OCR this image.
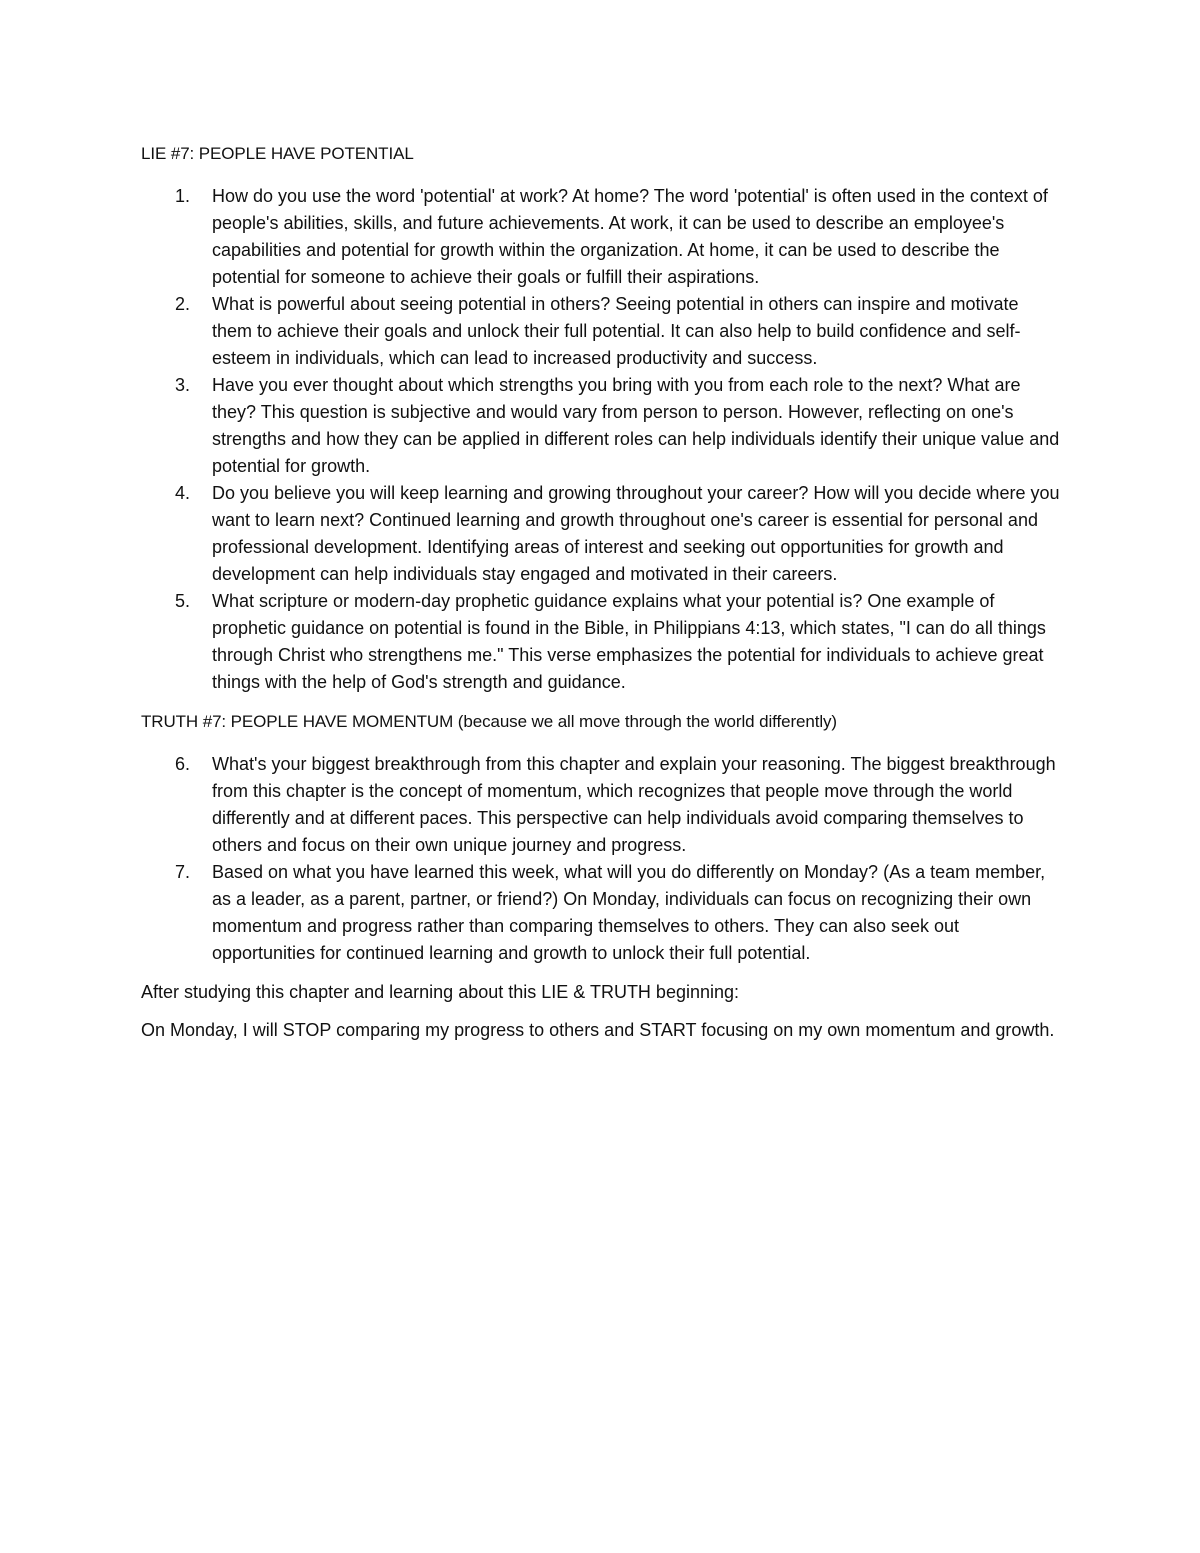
LIE #7: PEOPLE HAVE POTENTIAL
1.	How do you use the word 'potential' at work? At home? The word 'potential' is often used in the context of people's abilities, skills, and future achievements. At work, it can be used to describe an employee's capabilities and potential for growth within the organization. At home, it can be used to describe the potential for someone to achieve their goals or fulfill their aspirations.
2.	What is powerful about seeing potential in others? Seeing potential in others can inspire and motivate them to achieve their goals and unlock their full potential. It can also help to build confidence and self-esteem in individuals, which can lead to increased productivity and success.
3.	Have you ever thought about which strengths you bring with you from each role to the next? What are they? This question is subjective and would vary from person to person. However, reflecting on one's strengths and how they can be applied in different roles can help individuals identify their unique value and potential for growth.
4.	Do you believe you will keep learning and growing throughout your career? How will you decide where you want to learn next? Continued learning and growth throughout one's career is essential for personal and professional development. Identifying areas of interest and seeking out opportunities for growth and development can help individuals stay engaged and motivated in their careers.
5.	What scripture or modern-day prophetic guidance explains what your potential is? One example of prophetic guidance on potential is found in the Bible, in Philippians 4:13, which states, "I can do all things through Christ who strengthens me." This verse emphasizes the potential for individuals to achieve great things with the help of God's strength and guidance.
TRUTH #7: PEOPLE HAVE MOMENTUM (because we all move through the world differently)
6.	What's your biggest breakthrough from this chapter and explain your reasoning. The biggest breakthrough from this chapter is the concept of momentum, which recognizes that people move through the world differently and at different paces. This perspective can help individuals avoid comparing themselves to others and focus on their own unique journey and progress.
7.	Based on what you have learned this week, what will you do differently on Monday? (As a team member, as a leader, as a parent, partner, or friend?) On Monday, individuals can focus on recognizing their own momentum and progress rather than comparing themselves to others. They can also seek out opportunities for continued learning and growth to unlock their full potential.

After studying this chapter and learning about this LIE & TRUTH beginning:

On Monday, I will STOP comparing my progress to others and START focusing on my own momentum and growth.
